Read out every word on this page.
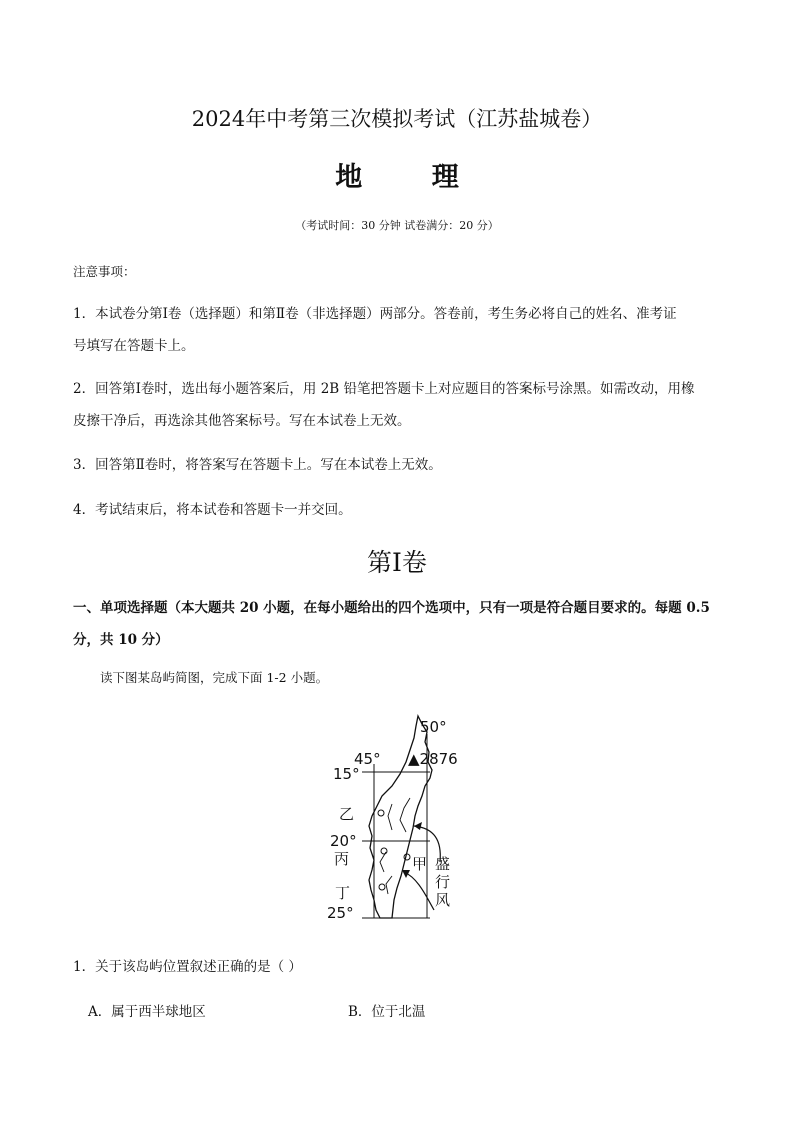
2024年中考第三次模拟考试（江苏盐城卷）
地 理
（考试时间：30 分钟 试卷满分：20 分）
注意事项：
1．本试卷分第Ⅰ卷（选择题）和第Ⅱ卷（非选择题）两部分。答卷前，考生务必将自己的姓名、准考证
号填写在答题卡上。
2．回答第Ⅰ卷时，选出每小题答案后，用 2B 铅笔把答题卡上对应题目的答案标号涂黑。如需改动，用橡
皮擦干净后，再选涂其他答案标号。写在本试卷上无效。
3．回答第Ⅱ卷时，将答案写在答题卡上。写在本试卷上无效。
4．考试结束后，将本试卷和答题卡一并交回。
第Ⅰ卷
一、单项选择题（本大题共 20 小题，在每小题给出的四个选项中，只有一项是符合题目要求的。每题 0.5
分，共 10 分）
读下图某岛屿简图，完成下面 1-2 小题。
50°
45°
15°
▲2876
乙
20°
丙	甲 盛
行
风
丁
25°
1．关于该岛屿位置叙述正确的是（ ）
A．属于西半球地区	B．位于北温
